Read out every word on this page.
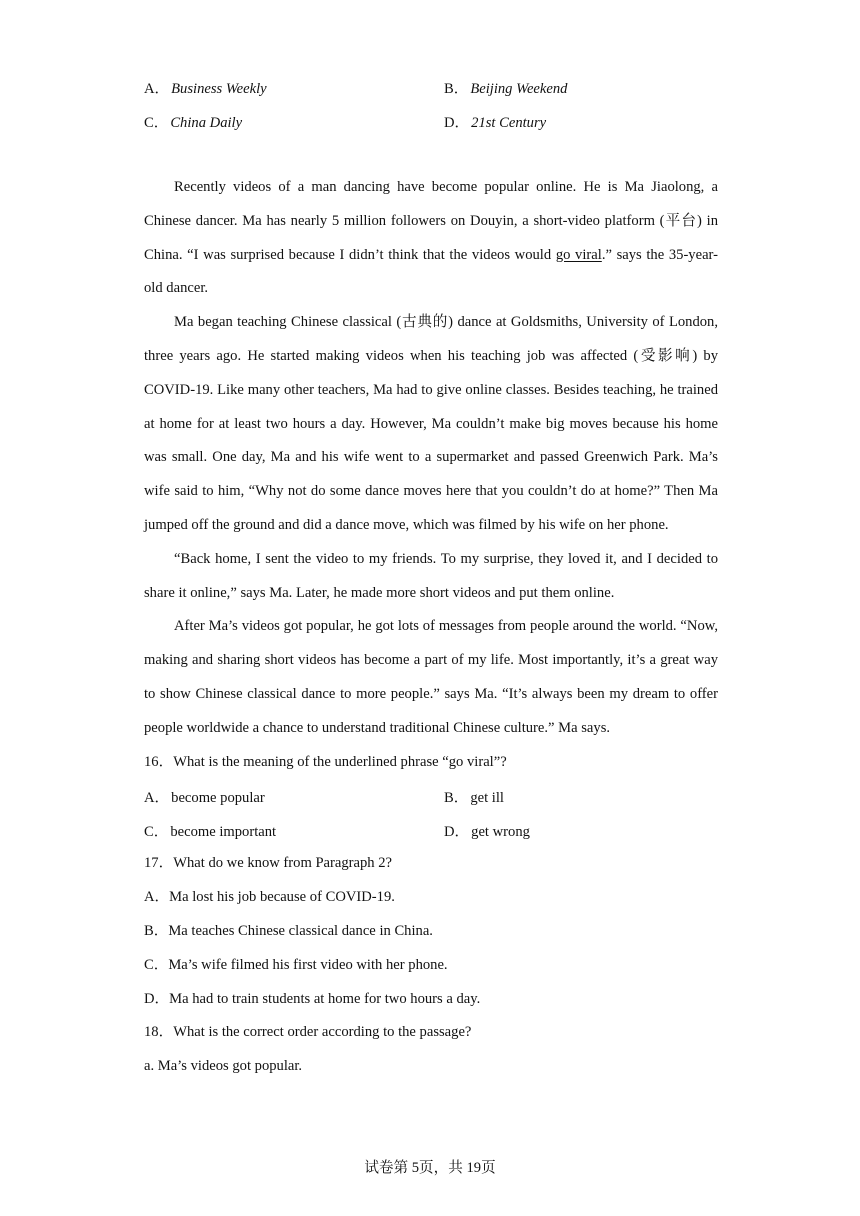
A． Business Weekly	B． Beijing Weekend
C． China Daily	D． 21st Century

Recently videos of a man dancing have become popular online. He is Ma Jiaolong, a Chinese dancer. Ma has nearly 5 million followers on Douyin, a short-video platform (平台) in China. “I was surprised because I didn’t think that the videos would go viral.” says the 35-year-old dancer.

Ma began teaching Chinese classical (古典的) dance at Goldsmiths, University of London, three years ago. He started making videos when his teaching job was affected (受影响) by COVID-19. Like many other teachers, Ma had to give online classes. Besides teaching, he trained at home for at least two hours a day. However, Ma couldn’t make big moves because his home was small. One day, Ma and his wife went to a supermarket and passed Greenwich Park. Ma’s wife said to him, “Why not do some dance moves here that you couldn’t do at home?” Then Ma jumped off the ground and did a dance move, which was filmed by his wife on her phone.

“Back home, I sent the video to my friends. To my surprise, they loved it, and I decided to share it online,” says Ma. Later, he made more short videos and put them online.

After Ma’s videos got popular, he got lots of messages from people around the world. “Now, making and sharing short videos has become a part of my life. Most importantly, it’s a great way to show Chinese classical dance to more people.” says Ma. “It’s always been my dream to offer people worldwide a chance to understand traditional Chinese culture.” Ma says.

16．What is the meaning of the underlined phrase “go viral”?
A． become popular	B． get ill
C． become important	D． get wrong
17．What do we know from Paragraph 2?
A．Ma lost his job because of COVID-19.
B．Ma teaches Chinese classical dance in China.
C．Ma’s wife filmed his first video with her phone.
D．Ma had to train students at home for two hours a day.
18．What is the correct order according to the passage?
a. Ma’s videos got popular.
试卷第 5页，共 19页
